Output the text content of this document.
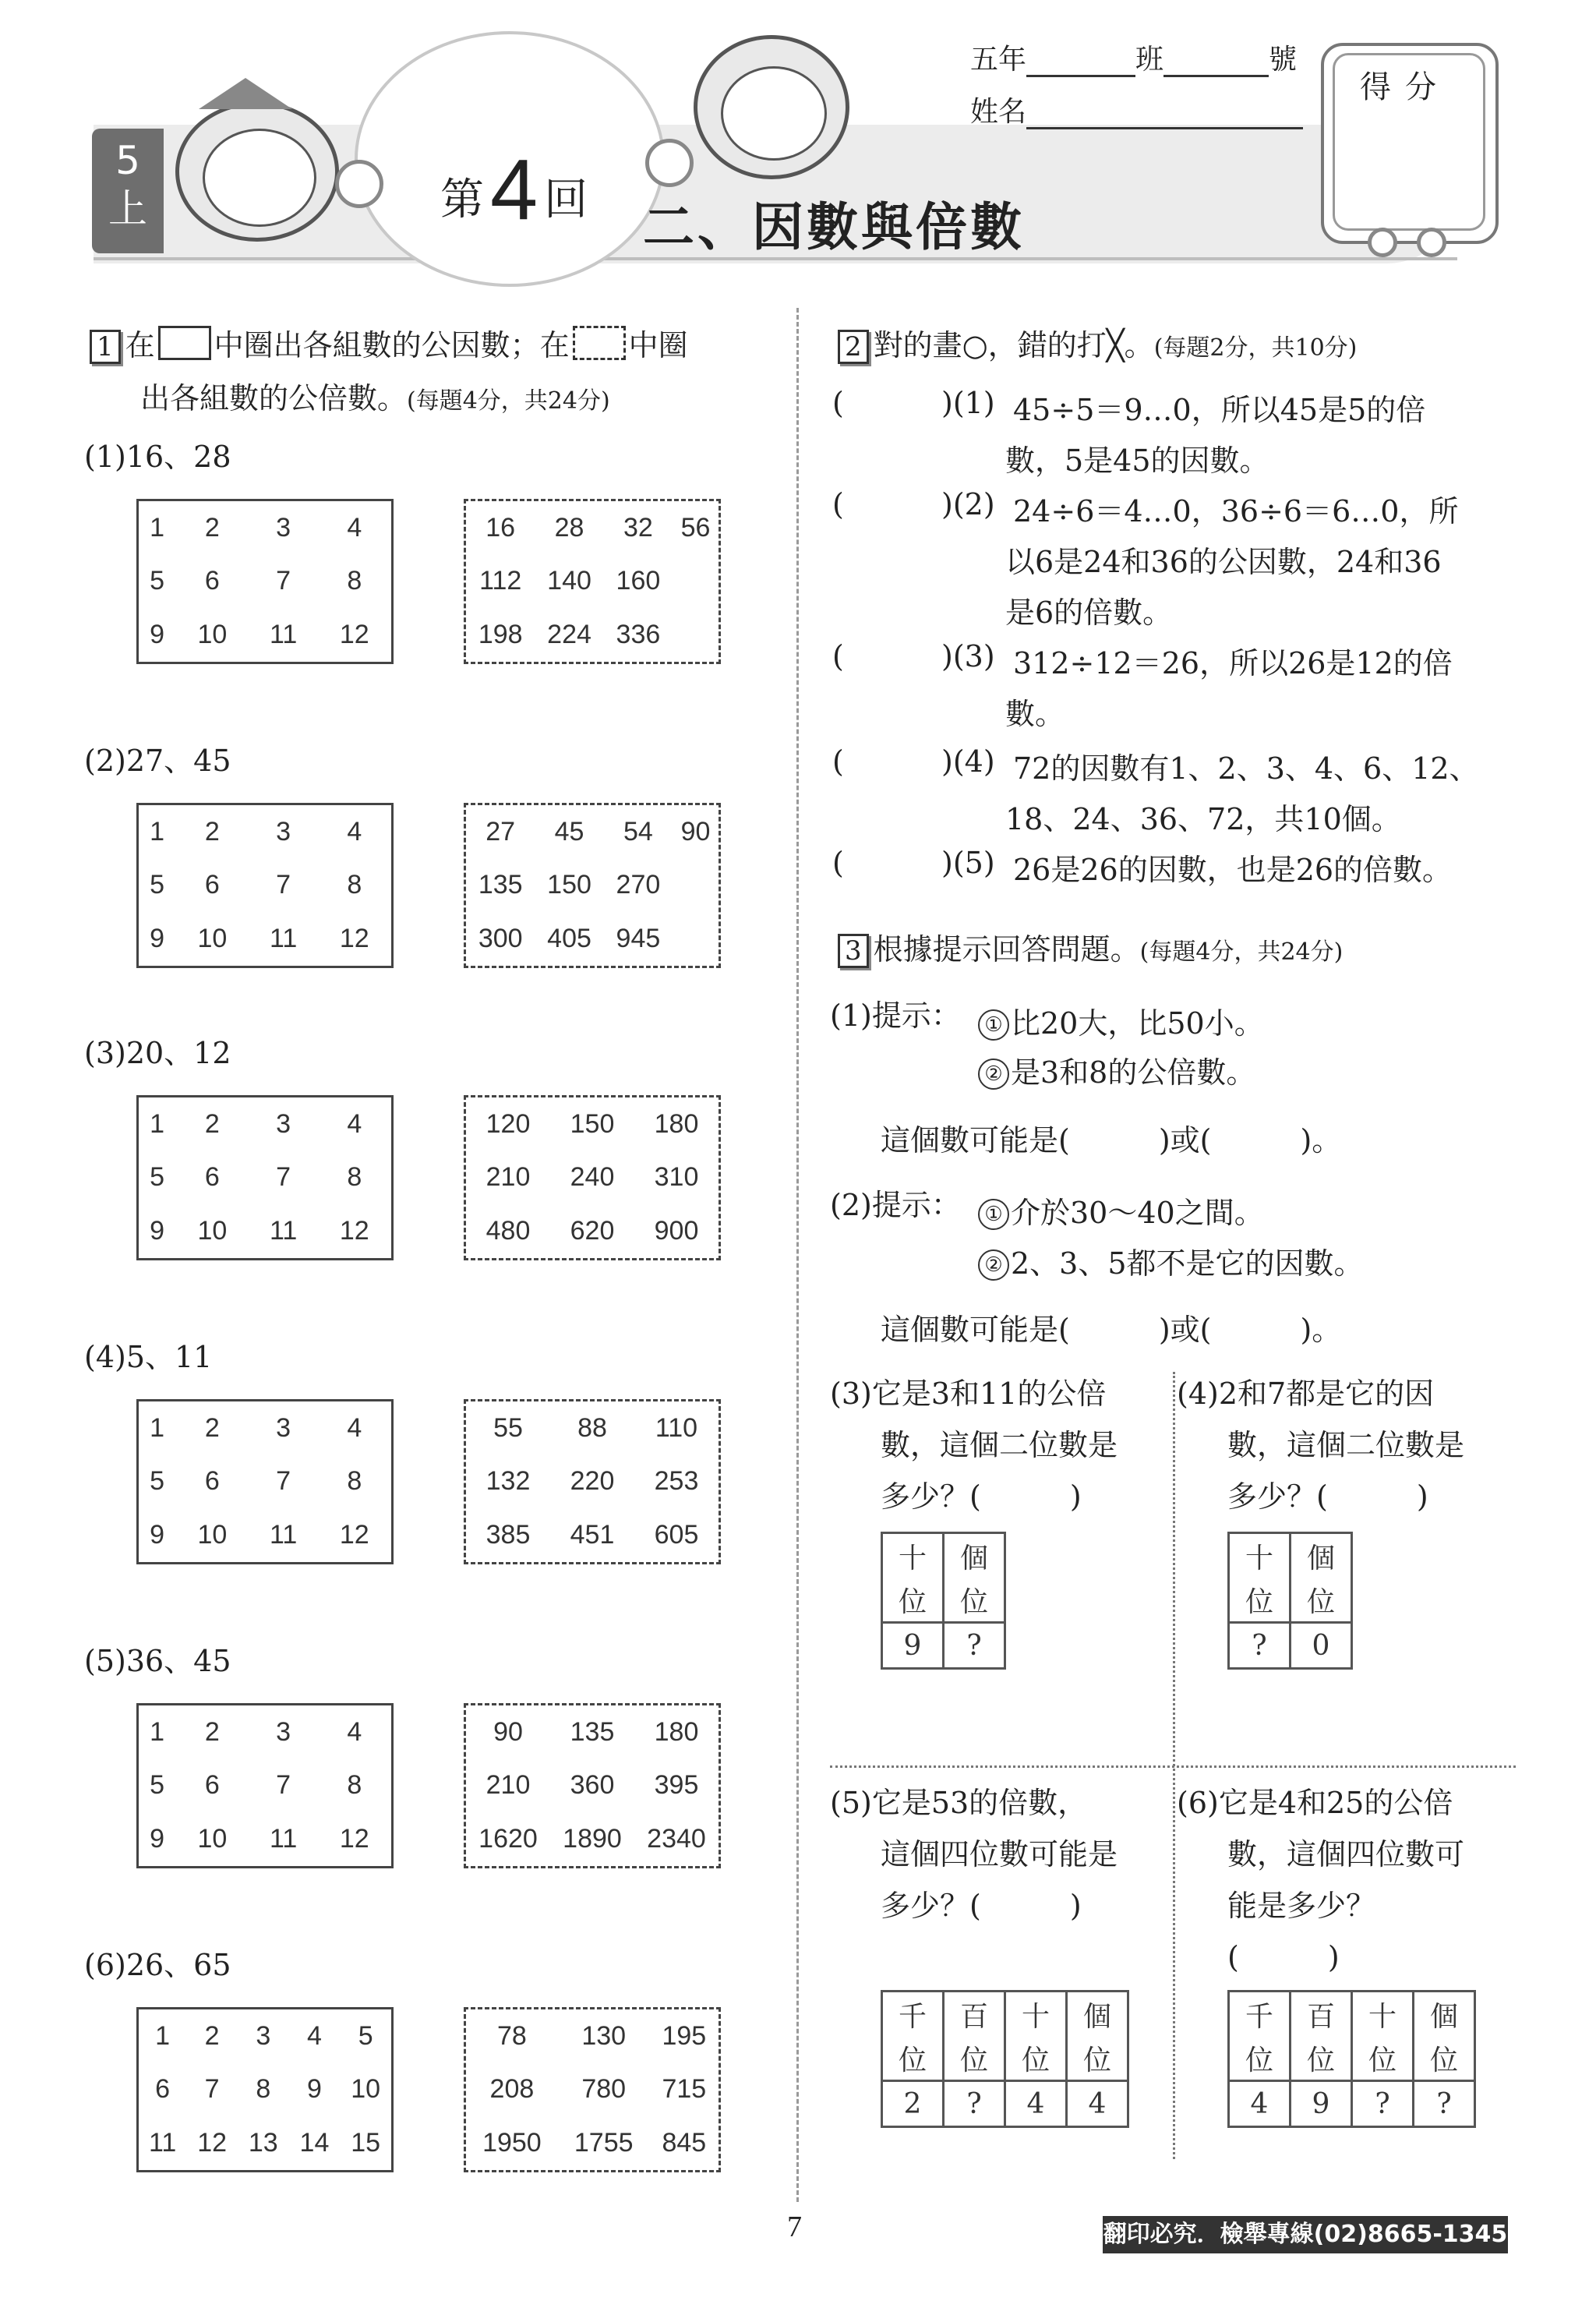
5
上	第4 回 二、因數與倍數
五年	班	號
姓名
得分
1 在 中圈出各組數的公因數；在 中圈
出各組數的公倍數。(每題4分，共24分)
(1)16、28
1	2	3	4
5	6	7	8
9	10	11	12
16	28	32	56
112	140	160	
198	224	336	
(2)27、45
1	2	3	4
5	6	7	8
9	10	11	12
27	45	54	90
135	150	270	
300	405	945	
(3)20、12
1	2	3	4
5	6	7	8
9	10	11	12
120	150	180
210	240	310
480	620	900
(4)5、11
1	2	3	4
5	6	7	8
9	10	11	12
55	88	110
132	220	253
385	451	605
(5)36、45
1	2	3	4
5	6	7	8
9	10	11	12
90	135	180
210	360	395
1620	1890	2340
(6)26、65
1	2	3	4	5
6	7	8	9	10
11	12	13	14	15
78	130	195
208	780	715
1950	1755	845
2 對的畫○，錯的打╳。(每題2分，共10分)
(	)(1) 45÷5＝9…0，所以45是5的倍
數，5是45的因數。
(	)(2) 24÷6＝4…0，36÷6＝6…0，所
以6是24和36的公因數，24和36
是6的倍數。
(	)(3) 312÷12＝26，所以26是12的倍
數。
(	)(4) 72的因數有1、2、3、4、6、12、
18、24、36、72，共10個。
(	)(5) 26是26的因數，也是26的倍數。
3 根據提示回答問題。(每題4分，共24分)
(1)提示：	① 比20大，比50小。
② 是3和8的公倍數。
這個數可能是(　　　)或(　　　)。
(2)提示：	① 介於30～40之間。
② 2、3、5都不是它的因數。
這個數可能是(　　　)或(　　　)。
(3)它是3和11的公倍
數，這個二位數是
多少？(　　　)
十	個
位	位
9	?
(4)2和7都是它的因
數，這個二位數是
多少？(　　　)
十	個
位	位
?	0
(5)它是53的倍數，
這個四位數可能是
多少？(　　　)
千	百	十	個
位	位	位	位
2	?	4	4
(6)它是4和25的公倍
數，這個四位數可
能是多少？
(　　　)
千	百	十	個
位	位	位	位
4	9	?	?
7	翻印必究．檢舉專線(02)8665-1345
